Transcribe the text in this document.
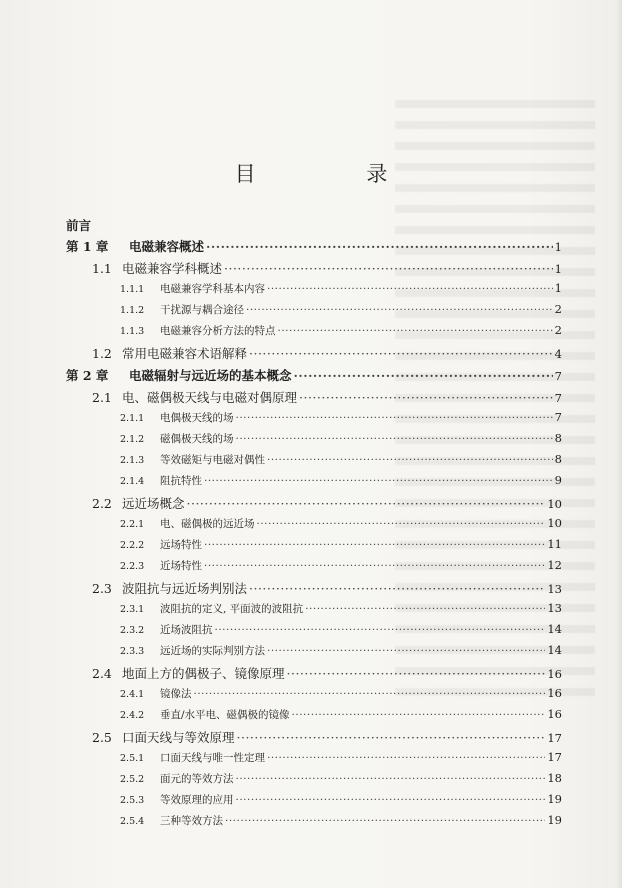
目 录
前言
第 1 章	电磁兼容概述 ·····	1
1.1 电磁兼容学科概述 ·····	1
1.1.1	电磁兼容学科基本内容 ·····	1
1.1.2	干扰源与耦合途径 ·····	2
1.1.3	电磁兼容分析方法的特点 ·····	2
1.2 常用电磁兼容术语解释 ·····	4
第 2 章	电磁辐射与远近场的基本概念 ·····	7
2.1 电、磁偶极天线与电磁对偶原理 ·····	7
2.1.1	电偶极天线的场 ·····	7
2.1.2	磁偶极天线的场 ·····	8
2.1.3	等效磁矩与电磁对偶性 ·····	8
2.1.4	阻抗特性 ·····	9
2.2 远近场概念 ·····	10
2.2.1	电、磁偶极的远近场 ·····	10
2.2.2	远场特性 ·····	11
2.2.3	近场特性 ·····	12
2.3 波阻抗与远近场判别法 ·····	13
2.3.1	波阻抗的定义, 平面波的波阻抗 ·····	13
2.3.2	近场波阻抗 ·····	14
2.3.3	远近场的实际判别方法 ·····	14
2.4 地面上方的偶极子、镜像原理 ·····	16
2.4.1	镜像法 ·····	16
2.4.2	垂直/水平电、磁偶极的镜像 ·····	16
2.5 口面天线与等效原理 ·····	17
2.5.1	口面天线与唯一性定理 ·····	17
2.5.2	面元的等效方法 ·····	18
2.5.3	等效原理的应用 ·····	19
2.5.4	三种等效方法 ·····	19
